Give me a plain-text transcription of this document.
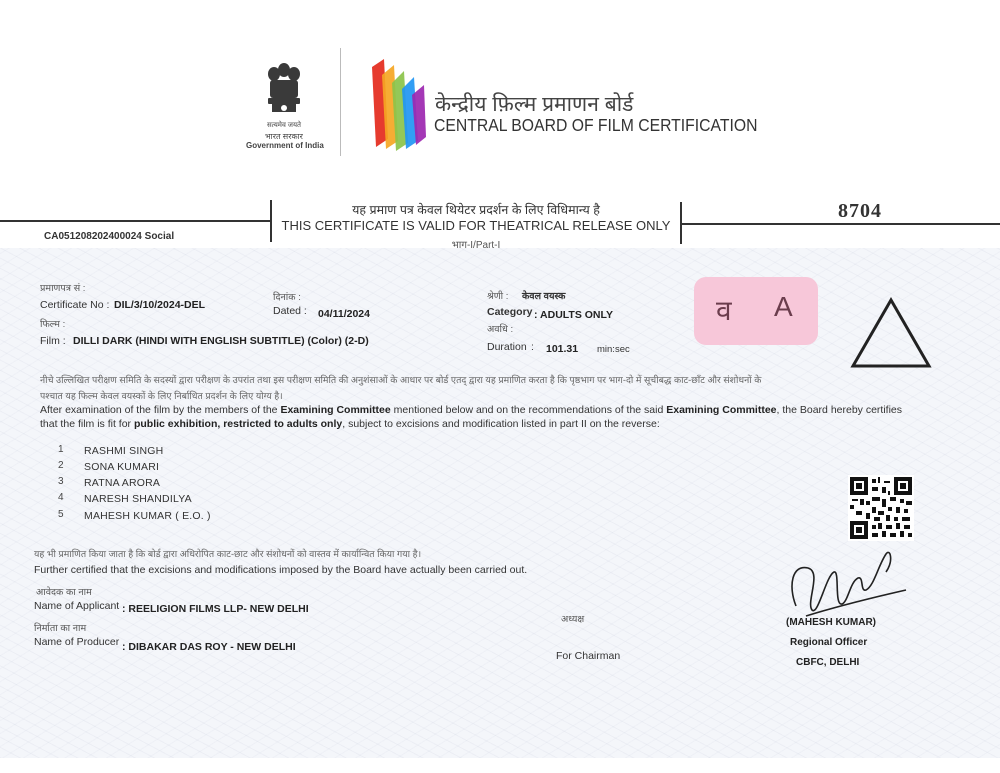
सत्यमेव जयते
भारत सरकार
Government of India
केन्द्रीय फ़िल्म प्रमाणन बोर्ड
CENTRAL BOARD OF FILM CERTIFICATION
यह प्रमाण पत्र केवल थियेटर प्रदर्शन के लिए विधिमान्य है
THIS CERTIFICATE IS VALID FOR THEATRICAL RELEASE ONLY
भाग-I/Part-I
8704
CA051208202400024 Social
प्रमाणपत्र सं :
Certificate No : DIL/3/10/2024-DEL
फिल्म :
Film : DILLI DARK (HINDI WITH ENGLISH SUBTITLE) (Color) (2-D)
दिनांक :
Dated : 04/11/2024
श्रेणी : केवल वयस्क
Category : ADULTS ONLY
अवधि :
Duration : 101.31 min:sec
व A
नीचे उल्लिखित परीक्षण समिति के सदस्यों द्वारा परीक्षण के उपरांत तथा इस परीक्षण समिति की अनुशंसाओं के आधार पर बोर्ड एतद् द्वारा यह प्रमाणित करता है कि पृष्ठभाग पर भाग-दो में सूचीबद्ध काट-छाँट और संशोधनों के
पश्चात यह फिल्म केवल वयस्कों के लिए निर्बाधित प्रदर्शन के लिए योग्य है।
After examination of the film by the members of the Examining Committee mentioned below and on the recommendations of the said Examining Committee, the Board hereby certifies
that the film is fit for public exhibition, restricted to adults only, subject to excisions and modification listed in part II on the reverse:
1 RASHMI SINGH
2 SONA KUMARI
3 RATNA ARORA
4 NARESH SHANDILYA
5 MAHESH KUMAR ( E.O. )
यह भी प्रमाणित किया जाता है कि बोर्ड द्वारा अधिरोपित काट-छाट और संशोधनों को वास्तव में कार्यान्वित किया गया है।
Further certified that the excisions and modifications imposed by the Board have actually been carried out.
आवेदक का नाम
Name of Applicant : REELIGION FILMS LLP- NEW DELHI
निर्माता का नाम
Name of Producer : DIBAKAR DAS ROY - NEW DELHI
अध्यक्ष
For Chairman
(MAHESH KUMAR)
Regional Officer
CBFC, DELHI
